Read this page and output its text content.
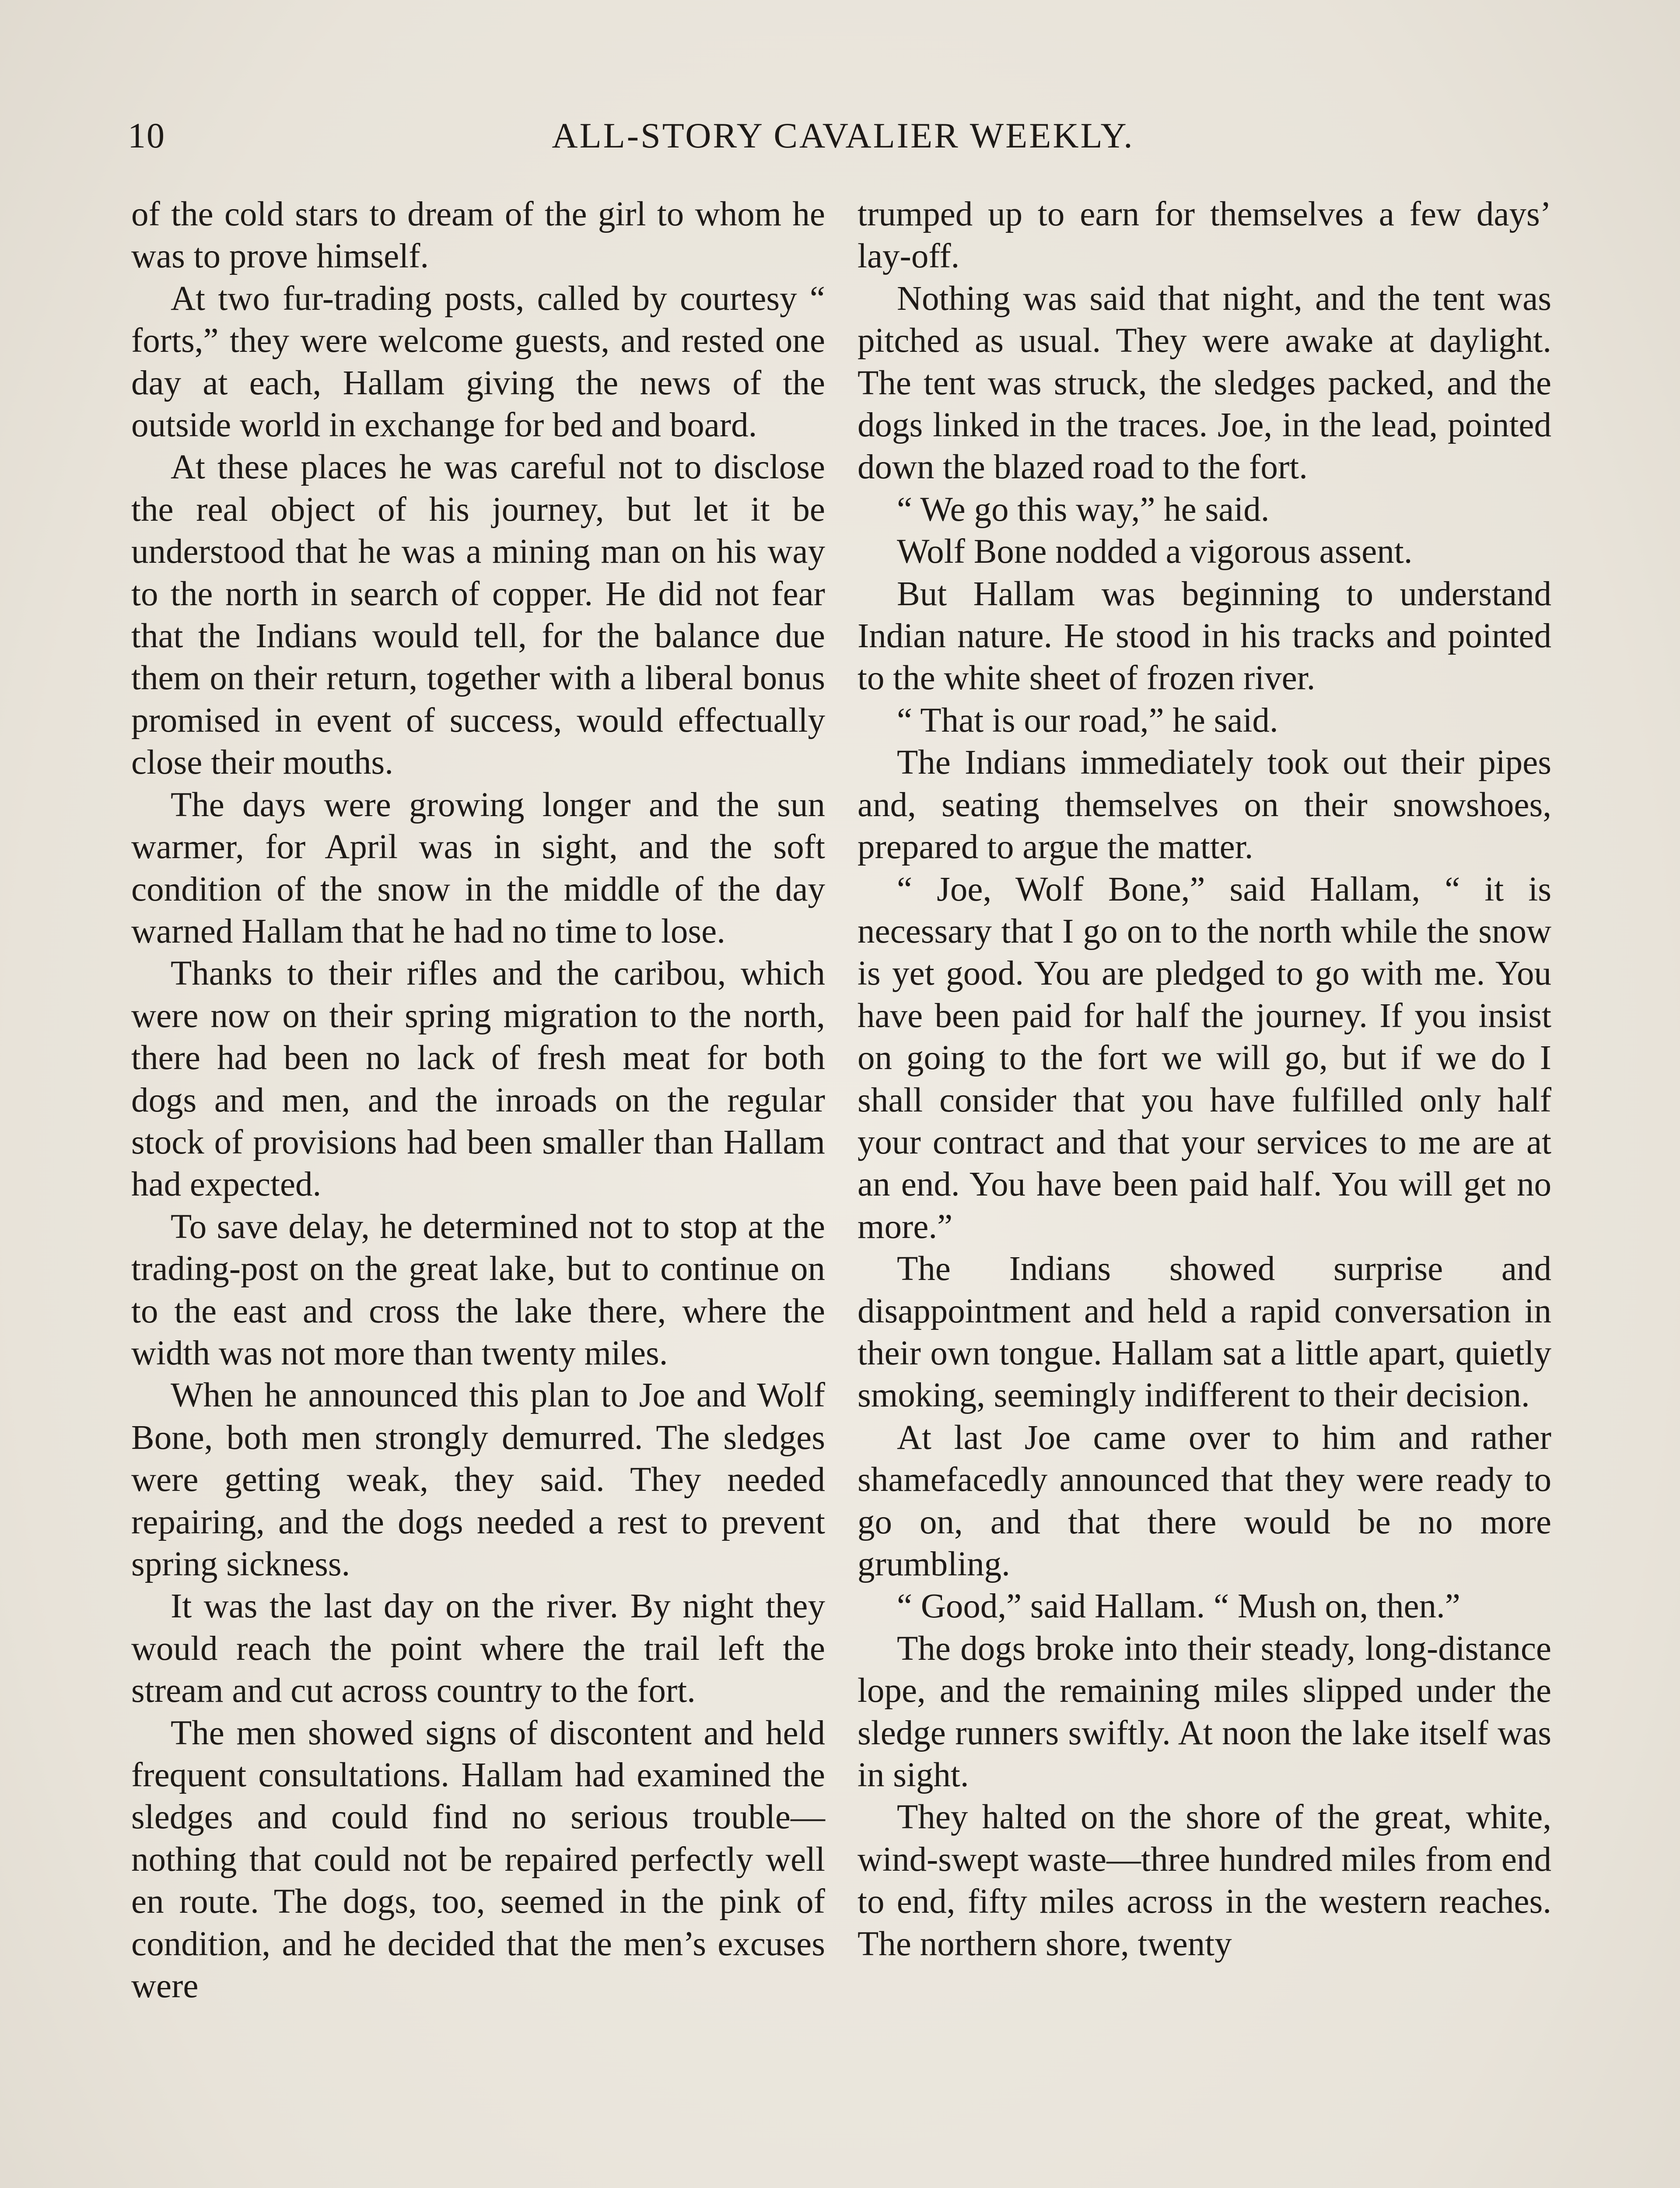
10	ALL-STORY CAVALIER WEEKLY.

of the cold stars to dream of the girl to whom he was to prove himself.

At two fur-trading posts, called by courtesy “ forts,” they were welcome guests, and rested one day at each, Hallam giving the news of the outside world in exchange for bed and board.

At these places he was careful not to disclose the real object of his journey, but let it be understood that he was a mining man on his way to the north in search of copper. He did not fear that the Indians would tell, for the balance due them on their return, together with a liberal bonus promised in event of success, would effectually close their mouths.

The days were growing longer and the sun warmer, for April was in sight, and the soft condition of the snow in the middle of the day warned Hallam that he had no time to lose.

Thanks to their rifles and the caribou, which were now on their spring migration to the north, there had been no lack of fresh meat for both dogs and men, and the inroads on the regular stock of provisions had been smaller than Hallam had expected.

To save delay, he determined not to stop at the trading-post on the great lake, but to continue on to the east and cross the lake there, where the width was not more than twenty miles.

When he announced this plan to Joe and Wolf Bone, both men strongly demurred. The sledges were getting weak, they said. They needed repairing, and the dogs needed a rest to prevent spring sickness.

It was the last day on the river. By night they would reach the point where the trail left the stream and cut across country to the fort.

The men showed signs of discontent and held frequent consultations. Hallam had examined the sledges and could find no serious trouble—nothing that could not be repaired perfectly well en route. The dogs, too, seemed in the pink of condition, and he decided that the men’s excuses were

trumped up to earn for themselves a few days’ lay-off.

Nothing was said that night, and the tent was pitched as usual. They were awake at daylight. The tent was struck, the sledges packed, and the dogs linked in the traces. Joe, in the lead, pointed down the blazed road to the fort.

“ We go this way,” he said.

Wolf Bone nodded a vigorous assent.

But Hallam was beginning to understand Indian nature. He stood in his tracks and pointed to the white sheet of frozen river.

“ That is our road,” he said.

The Indians immediately took out their pipes and, seating themselves on their snowshoes, prepared to argue the matter.

“ Joe, Wolf Bone,” said Hallam, “ it is necessary that I go on to the north while the snow is yet good. You are pledged to go with me. You have been paid for half the journey. If you insist on going to the fort we will go, but if we do I shall consider that you have fulfilled only half your contract and that your services to me are at an end. You have been paid half. You will get no more.”

The Indians showed surprise and disappointment and held a rapid conversation in their own tongue. Hallam sat a little apart, quietly smoking, seemingly indifferent to their decision.

At last Joe came over to him and rather shamefacedly announced that they were ready to go on, and that there would be no more grumbling.

“ Good,” said Hallam. “ Mush on, then.”

The dogs broke into their steady, long-distance lope, and the remaining miles slipped under the sledge runners swiftly. At noon the lake itself was in sight.

They halted on the shore of the great, white, wind-swept waste—three hundred miles from end to end, fifty miles across in the western reaches. The northern shore, twenty
